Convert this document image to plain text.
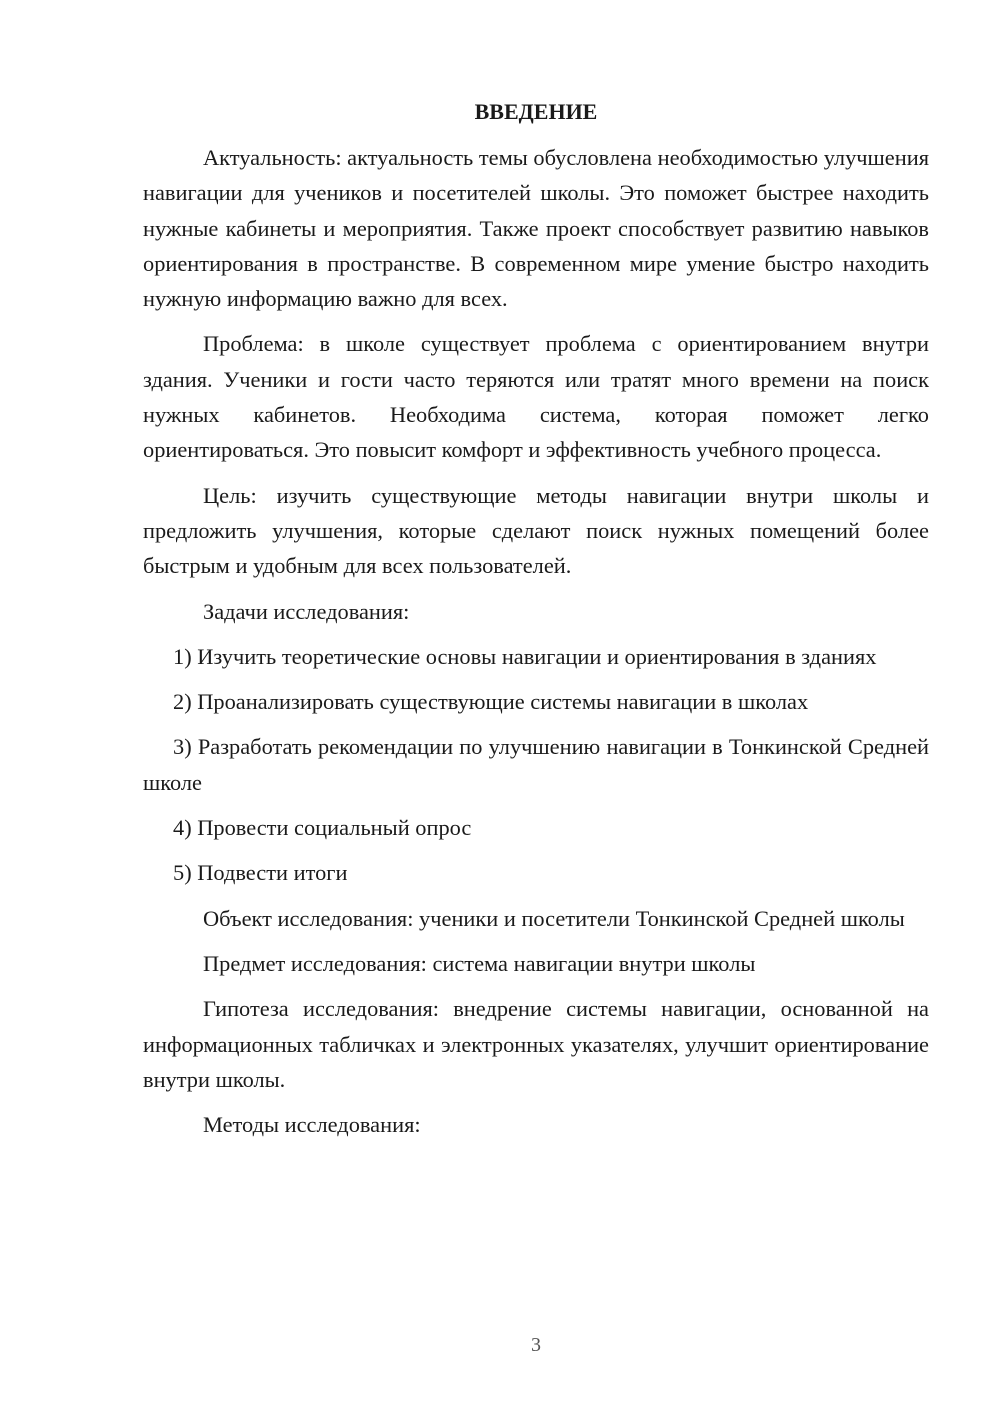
ВВЕДЕНИЕ

Актуальность: актуальность темы обусловлена необходимостью улучшения навигации для учеников и посетителей школы. Это поможет быстрее находить нужные кабинеты и мероприятия. Также проект способствует развитию навыков ориентирования в пространстве. В современном мире умение быстро находить нужную информацию важно для всех.

Проблема: в школе существует проблема с ориентированием внутри здания. Ученики и гости часто теряются или тратят много времени на поиск нужных кабинетов. Необходима система, которая поможет легко ориентироваться. Это повысит комфорт и эффективность учебного процесса.

Цель: изучить существующие методы навигации внутри школы и предложить улучшения, которые сделают поиск нужных помещений более быстрым и удобным для всех пользователей.

Задачи исследования:

1) Изучить теоретические основы навигации и ориентирования в зданиях

2) Проанализировать существующие системы навигации в школах

3) Разработать рекомендации по улучшению навигации в Тонкинской Средней школе

4) Провести социальный опрос

5) Подвести итоги

Объект исследования: ученики и посетители Тонкинской Средней школы

Предмет исследования: система навигации внутри школы

Гипотеза исследования: внедрение системы навигации, основанной на информационных табличках и электронных указателях, улучшит ориентирование внутри школы.

Методы исследования:

3
